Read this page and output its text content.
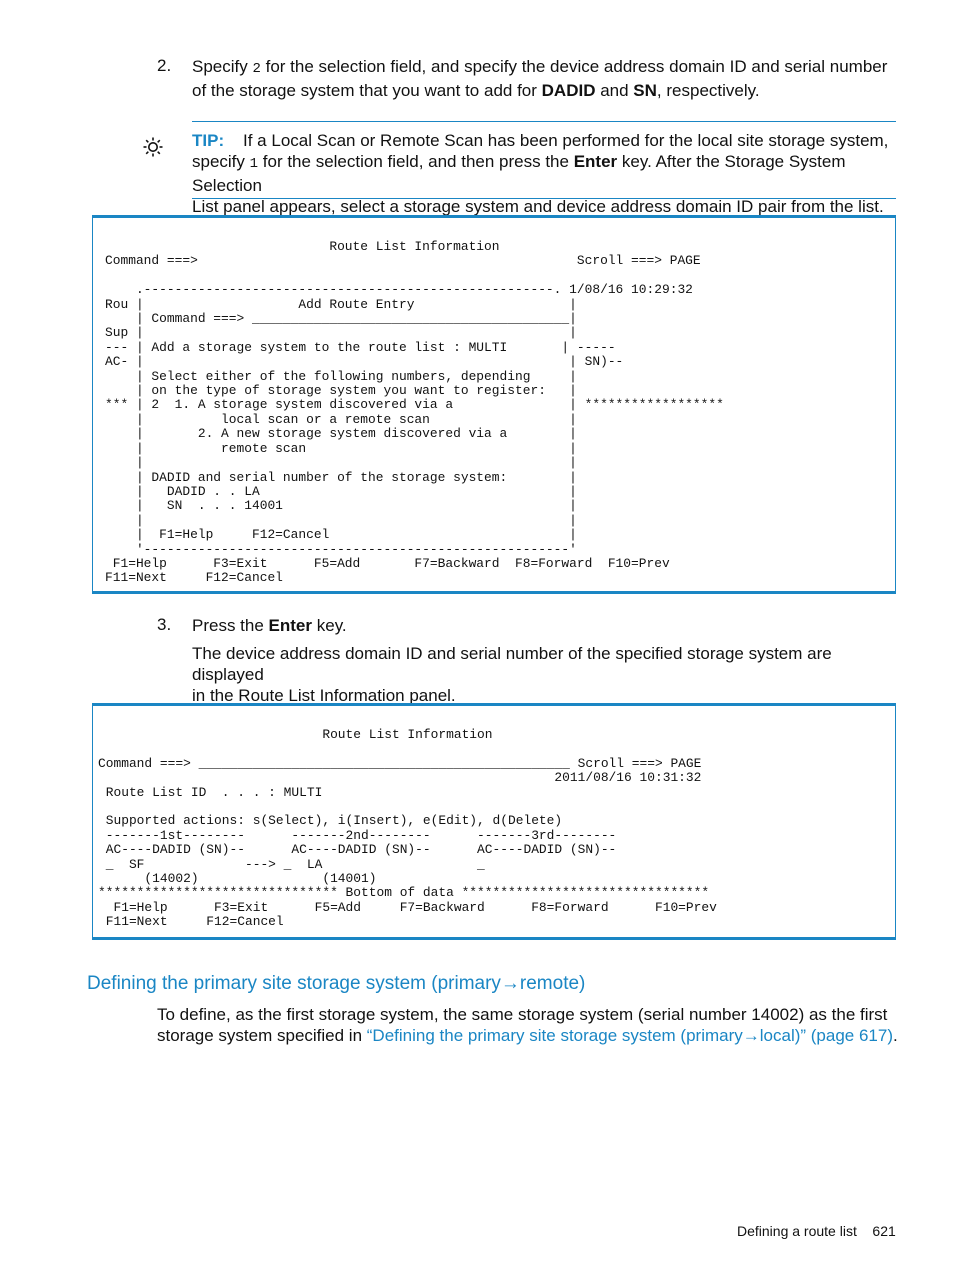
2. Specify 2 for the selection field, and specify the device address domain ID and serial number
of the storage system that you want to add for DADID and SN, respectively.
TIP: If a Local Scan or Remote Scan has been performed for the local site storage system,
specify 1 for the selection field, and then press the Enter key. After the Storage System Selection
List panel appears, select a storage system and device address domain ID pair from the list.
Route List Information
Command ===>                                                 Scroll ===> PAGE

.-----------------------------------------------------. 1/08/16 10:29:32
Rou |                    Add Route Entry                    |
| Command ===> _________________________________________|
Sup |                                                       |
--- | Add a storage system to the route list : MULTI       | -----
AC- |                                                       | SN)--
| Select either of the following numbers, depending     |
| on the type of storage system you want to register:   |
*** | 2  1. A storage system discovered via a               | ******************
|          local scan or a remote scan                  |
|       2. A new storage system discovered via a        |
|          remote scan                                  |
|                                                       |
| DADID and serial number of the storage system:        |
|   DADID . . LA                                        |
|   SN  . . . 14001                                     |
|                                                       |
|  F1=Help     F12=Cancel                               |
'-------------------------------------------------------'
F1=Help      F3=Exit      F5=Add       F7=Backward  F8=Forward  F10=Prev
F11=Next     F12=Cancel
3. Press the Enter key.
The device address domain ID and serial number of the specified storage system are displayed
in the Route List Information panel.
Route List Information

Command ===> ________________________________________________ Scroll ===> PAGE
2011/08/16 10:31:32
Route List ID  . . . : MULTI

Supported actions: s(Select), i(Insert), e(Edit), d(Delete)
-------1st--------      -------2nd--------      -------3rd--------
AC----DADID (SN)--      AC----DADID (SN)--      AC----DADID (SN)--
_  SF             ---> _  LA                    _
(14002)                (14001)
******************************* Bottom of data ********************************
F1=Help      F3=Exit      F5=Add     F7=Backward      F8=Forward      F10=Prev
F11=Next     F12=Cancel
Defining the primary site storage system (primary→remote)
To define, as the first storage system, the same storage system (serial number 14002) as the first
storage system specified in “Defining the primary site storage system (primary→local)” (page 617).
Defining a route list 621
